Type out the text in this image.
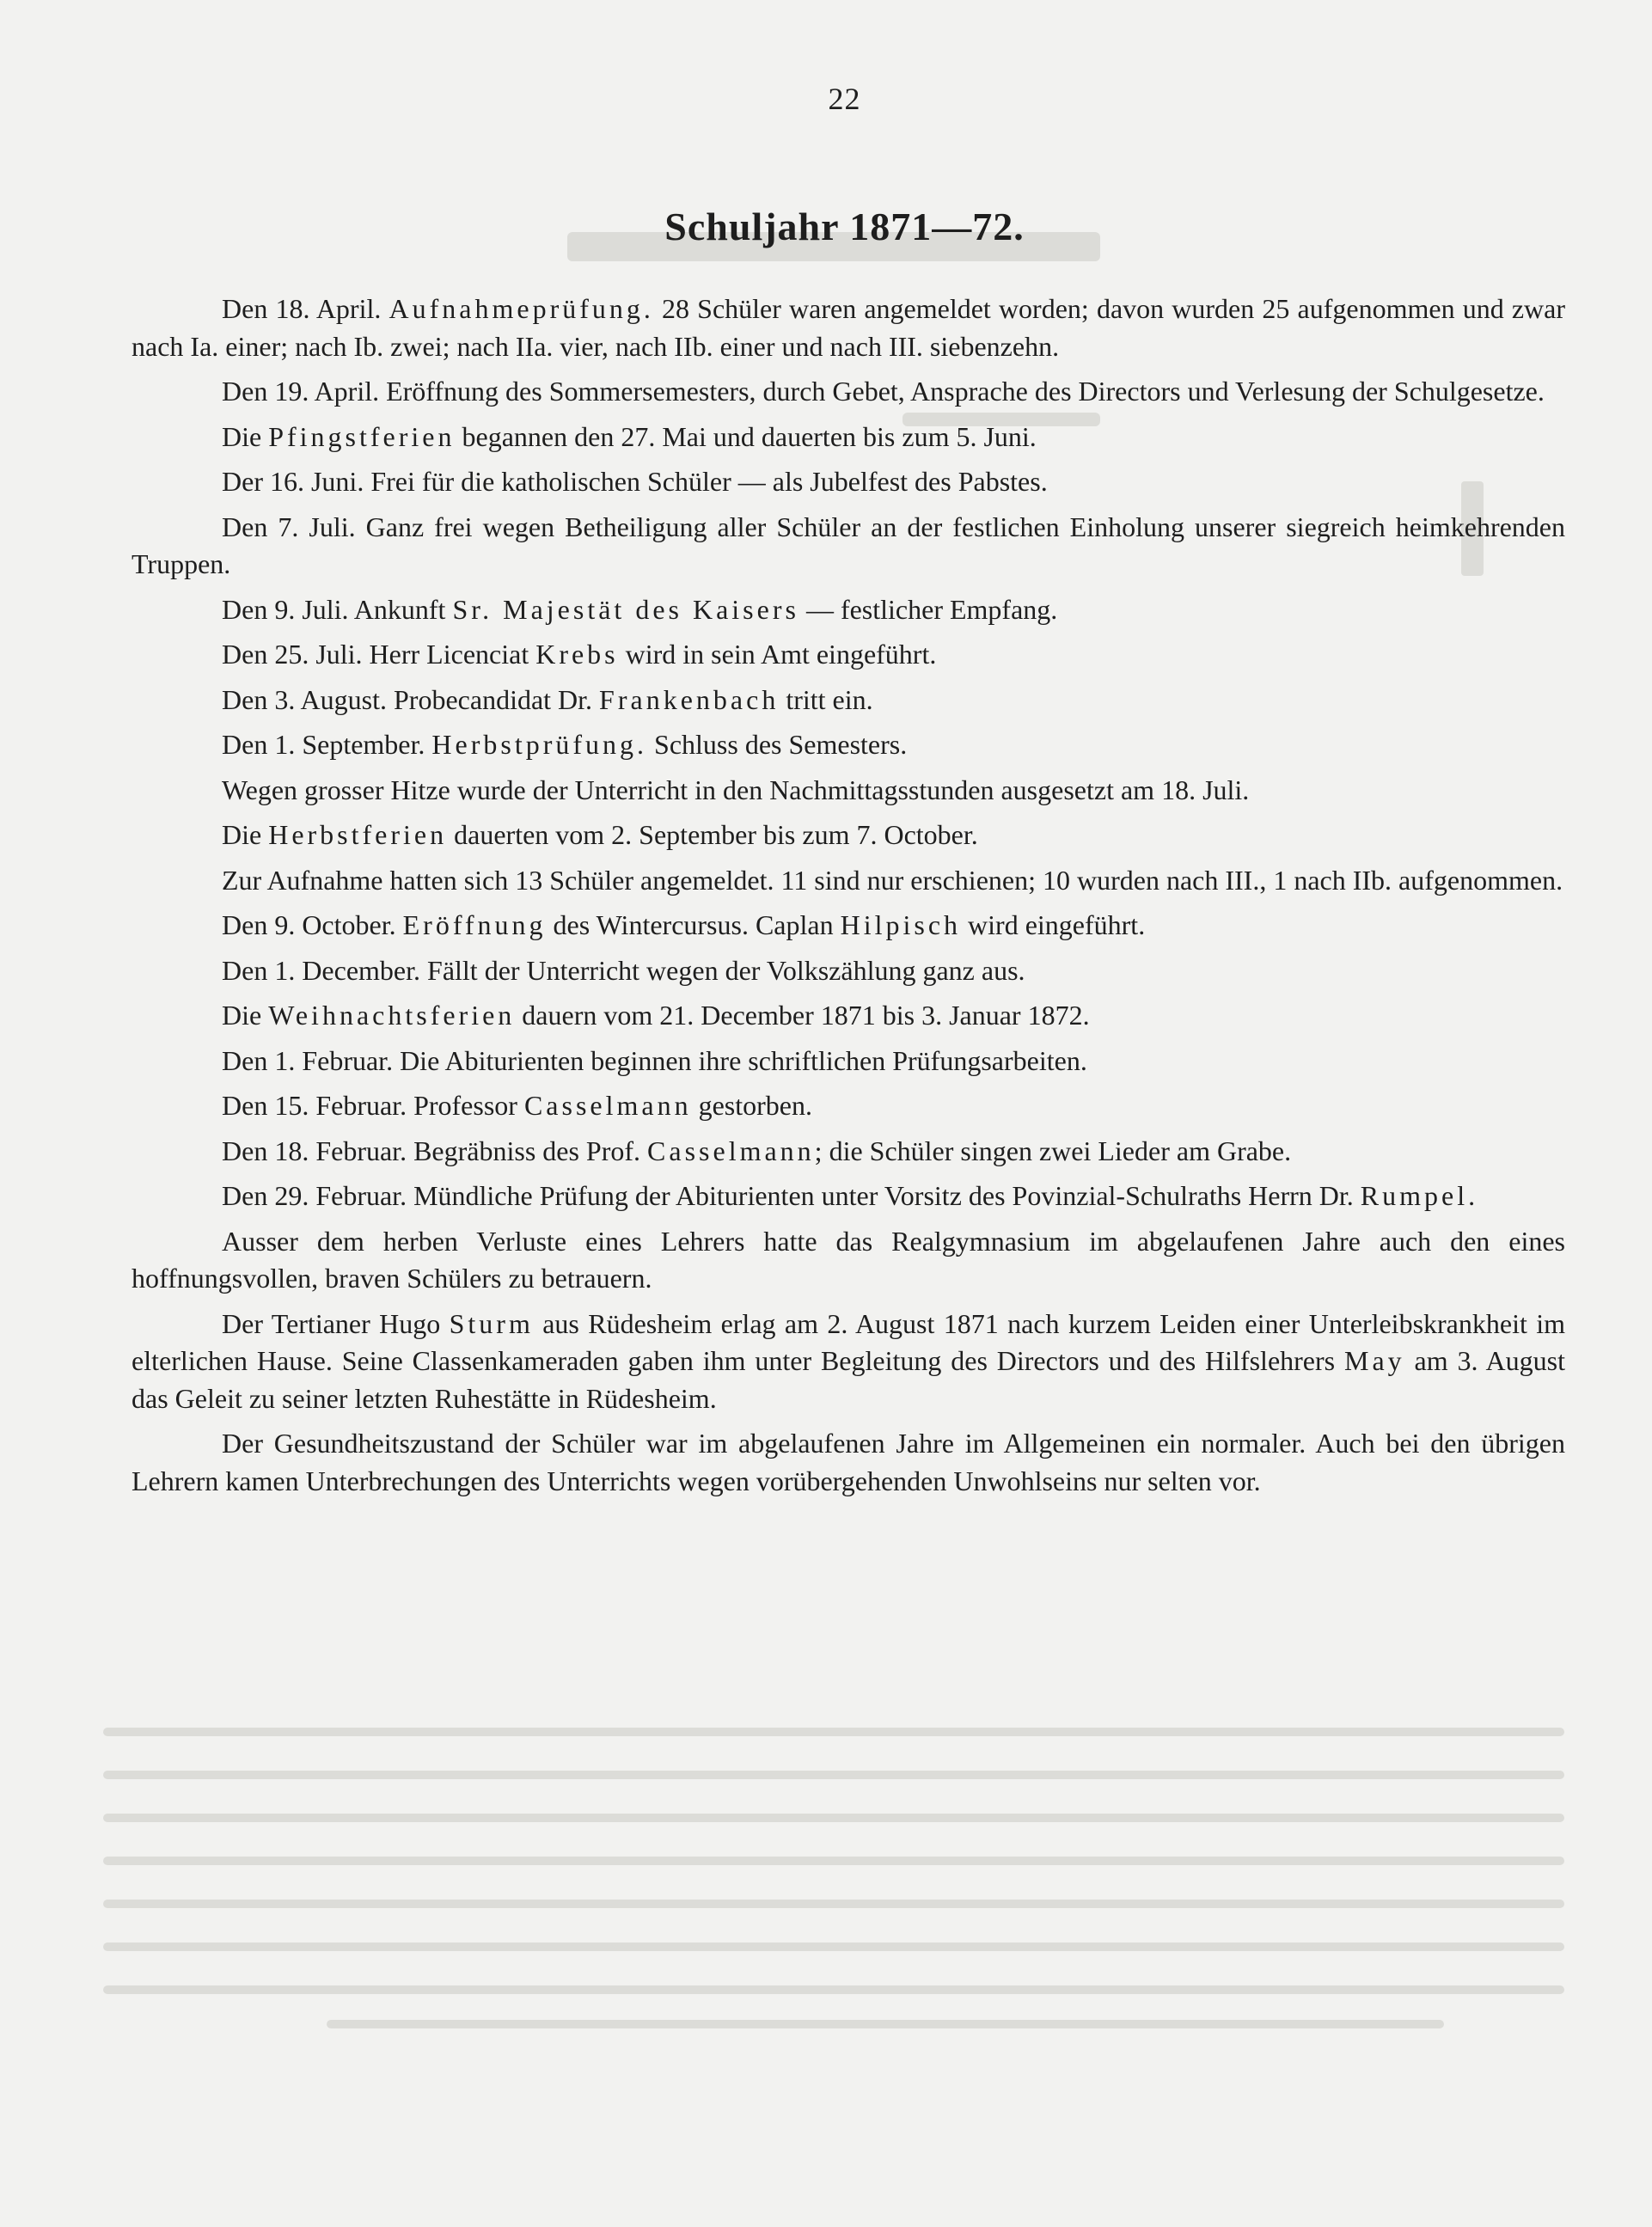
22
Schuljahr 1871—72.

Den 18. April. Aufnahmeprüfung. 28 Schüler waren angemeldet worden; davon wurden 25 aufgenommen und zwar nach Ia. einer; nach Ib. zwei; nach IIa. vier, nach IIb. einer und nach III. siebenzehn.

Den 19. April. Eröffnung des Sommersemesters, durch Gebet, Ansprache des Directors und Verlesung der Schulgesetze.

Die Pfingstferien begannen den 27. Mai und dauerten bis zum 5. Juni.

Der 16. Juni. Frei für die katholischen Schüler — als Jubelfest des Pabstes.

Den 7. Juli. Ganz frei wegen Betheiligung aller Schüler an der festlichen Einholung unserer siegreich heimkehrenden Truppen.

Den 9. Juli. Ankunft Sr. Majestät des Kaisers — festlicher Empfang.

Den 25. Juli. Herr Licenciat Krebs wird in sein Amt eingeführt.

Den 3. August. Probecandidat Dr. Frankenbach tritt ein.

Den 1. September. Herbstprüfung. Schluss des Semesters.

Wegen grosser Hitze wurde der Unterricht in den Nachmittagsstunden ausgesetzt am 18. Juli.

Die Herbstferien dauerten vom 2. September bis zum 7. October.

Zur Aufnahme hatten sich 13 Schüler angemeldet. 11 sind nur erschienen; 10 wurden nach III., 1 nach IIb. aufgenommen.

Den 9. October. Eröffnung des Wintercursus. Caplan Hilpisch wird eingeführt.

Den 1. December. Fällt der Unterricht wegen der Volkszählung ganz aus.

Die Weihnachtsferien dauern vom 21. December 1871 bis 3. Januar 1872.

Den 1. Februar. Die Abiturienten beginnen ihre schriftlichen Prüfungsarbeiten.

Den 15. Februar. Professor Casselmann gestorben.

Den 18. Februar. Begräbniss des Prof. Casselmann; die Schüler singen zwei Lieder am Grabe.

Den 29. Februar. Mündliche Prüfung der Abiturienten unter Vorsitz des Povinzial-Schulraths Herrn Dr. Rumpel.

Ausser dem herben Verluste eines Lehrers hatte das Realgymnasium im abgelaufenen Jahre auch den eines hoffnungsvollen, braven Schülers zu betrauern.

Der Tertianer Hugo Sturm aus Rüdesheim erlag am 2. August 1871 nach kurzem Leiden einer Unterleibskrankheit im elterlichen Hause. Seine Classenkameraden gaben ihm unter Begleitung des Directors und des Hilfslehrers May am 3. August das Geleit zu seiner letzten Ruhestätte in Rüdesheim.

Der Gesundheitszustand der Schüler war im abgelaufenen Jahre im Allgemeinen ein normaler. Auch bei den übrigen Lehrern kamen Unterbrechungen des Unterrichts wegen vorübergehenden Unwohlseins nur selten vor.
